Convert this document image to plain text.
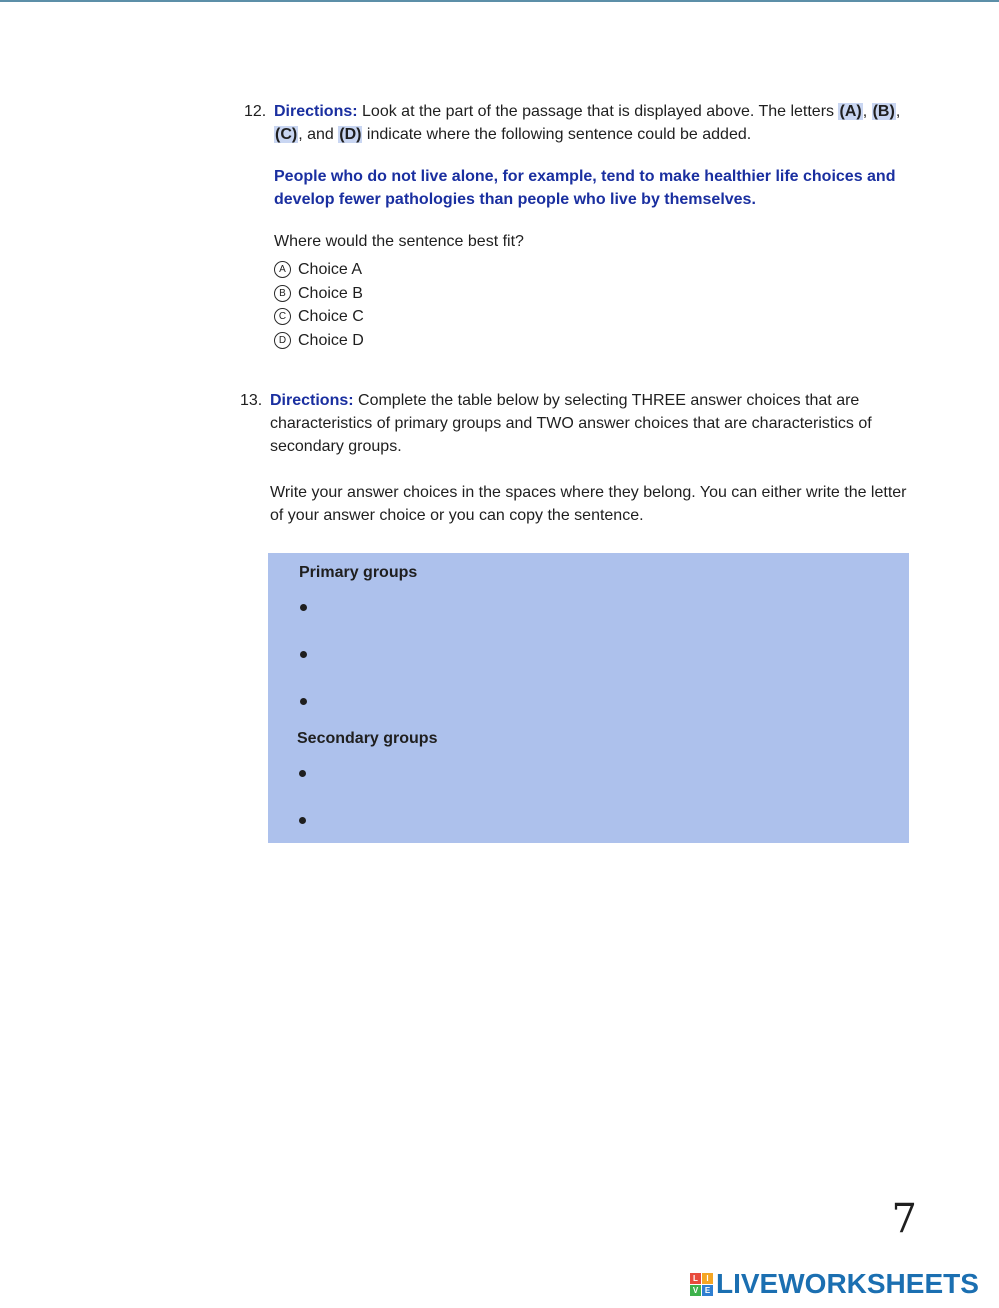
12. Directions: Look at the part of the passage that is displayed above. The letters (A), (B), (C), and (D) indicate where the following sentence could be added.
People who do not live alone, for example, tend to make healthier life choices and develop fewer pathologies than people who live by themselves.
Where would the sentence best fit?
A Choice A
B Choice B
C Choice C
D Choice D
13. Directions: Complete the table below by selecting THREE answer choices that are characteristics of primary groups and TWO answer choices that are characteristics of secondary groups.
Write your answer choices in the spaces where they belong. You can either write the letter of your answer choice or you can copy the sentence.
Primary groups
Secondary groups
7
L	I
V E LIVEWORKSHEETS
